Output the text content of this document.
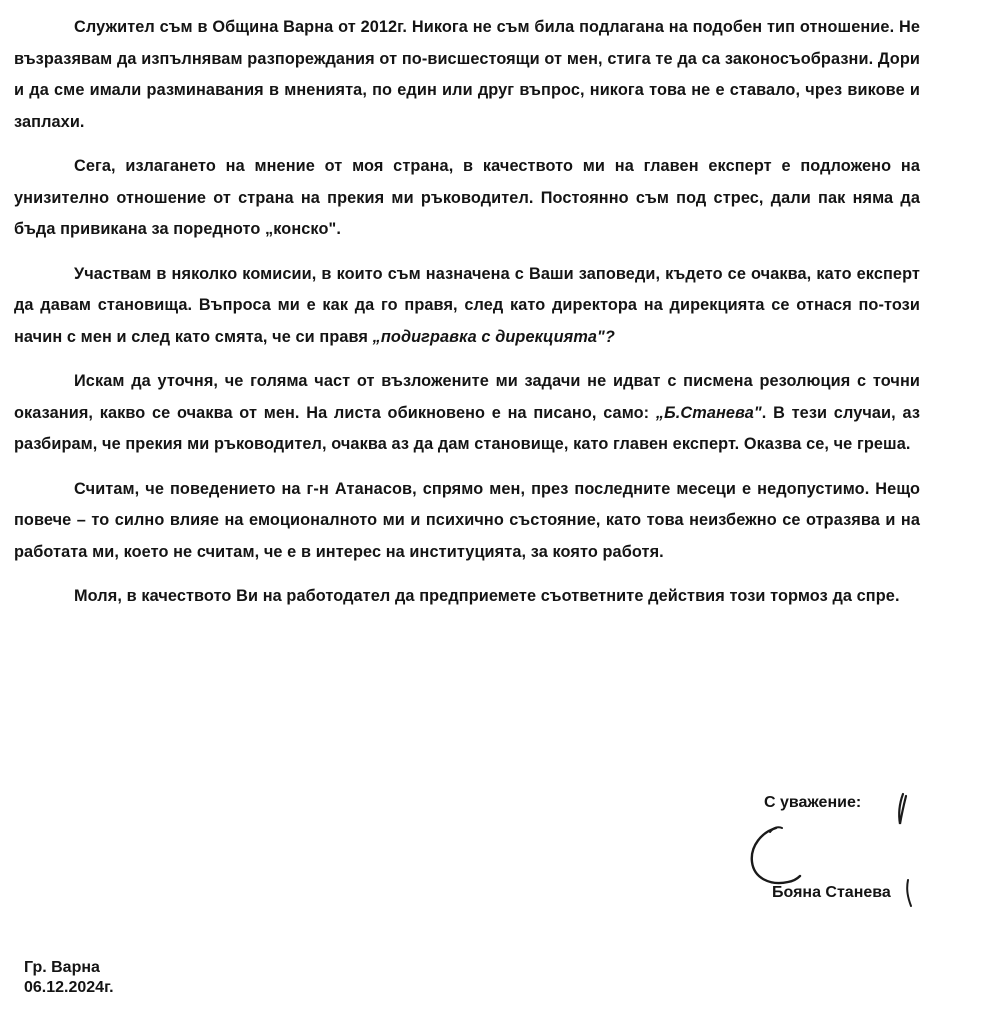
Служител съм в Община Варна от 2012г. Никога не съм била подлагана на подобен тип отношение. Не възразявам да изпълнявам разпореждания от по-висшестоящи от мен, стига те да са законосъобразни. Дори и да сме имали разминавания в мненията, по един или друг въпрос, никога това не е ставало, чрез викове и заплахи.

Сега, излагането на мнение от моя страна, в качеството ми на главен експерт е подложено на унизително отношение от страна на прекия ми ръководител. Постоянно съм под стрес, дали пак няма да бъда привикана за поредното „конско".

Участвам в няколко комисии, в които съм назначена с Ваши заповеди, където се очаква, като експерт да давам становища. Въпроса ми е как да го правя, след като директора на дирекцията се отнася по-този начин с мен и след като смята, че си правя „подигравка с дирекцията"?

Искам да уточня, че голяма част от възложените ми задачи не идват с писмена резолюция с точни оказания, какво се очаква от мен. На листа обикновено е на писано, само: „Б.Станева". В тези случаи, аз разбирам, че прекия ми ръководител, очаква аз да дам становище, като главен експерт. Оказва се, че греша.

Считам, че поведението на г-н Атанасов, спрямо мен, през последните месеци е недопустимо. Нещо повече – то силно влияе на емоционалното ми и психично състояние, като това неизбежно се отразява и на работата ми, което не считам, че е в интерес на институцията, за която работя.

Моля, в качеството Ви на работодател да предприемете съответните действия този тормоз да спре.

С уважение:
Бояна Станева
Гр. Варна
06.12.2024г.
